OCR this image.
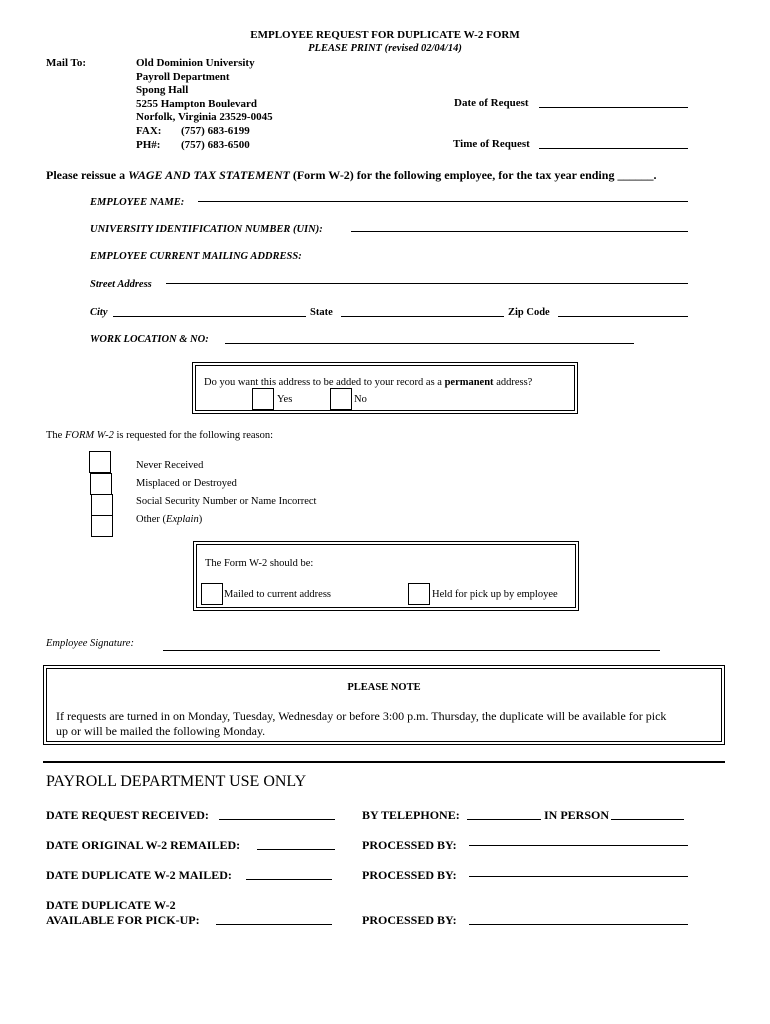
EMPLOYEE REQUEST FOR DUPLICATE W-2 FORM
PLEASE PRINT (revised 02/04/14)
Mail To:	Old Dominion University
Payroll Department
Spong Hall
5255 Hampton Boulevard
Norfolk, Virginia 23529-0045
FAX: (757) 683-6199
PH#: (757) 683-6500
Date of Request
Time of Request
Please reissue a WAGE AND TAX STATEMENT (Form W-2) for the following employee, for the tax year ending ______.
EMPLOYEE NAME:
UNIVERSITY IDENTIFICATION NUMBER (UIN):
EMPLOYEE CURRENT MAILING ADDRESS:
Street Address
City	State	Zip Code
WORK LOCATION & NO:
Do you want this address to be added to your record as a permanent address?
Yes	No
The FORM W-2 is requested for the following reason:
Never Received
Misplaced or Destroyed
Social Security Number or Name Incorrect
Other (Explain)
The Form W-2 should be:
Mailed to current address	Held for pick up by employee
Employee Signature:
PLEASE NOTE
If requests are turned in on Monday, Tuesday, Wednesday or before 3:00 p.m. Thursday, the duplicate will be available for pick
up or will be mailed the following Monday.
PAYROLL DEPARTMENT USE ONLY
DATE REQUEST RECEIVED:	BY TELEPHONE:	IN PERSON
DATE ORIGINAL W-2 REMAILED:	PROCESSED BY:
DATE DUPLICATE W-2 MAILED:	PROCESSED BY:
DATE DUPLICATE W-2
AVAILABLE FOR PICK-UP:	PROCESSED BY:
